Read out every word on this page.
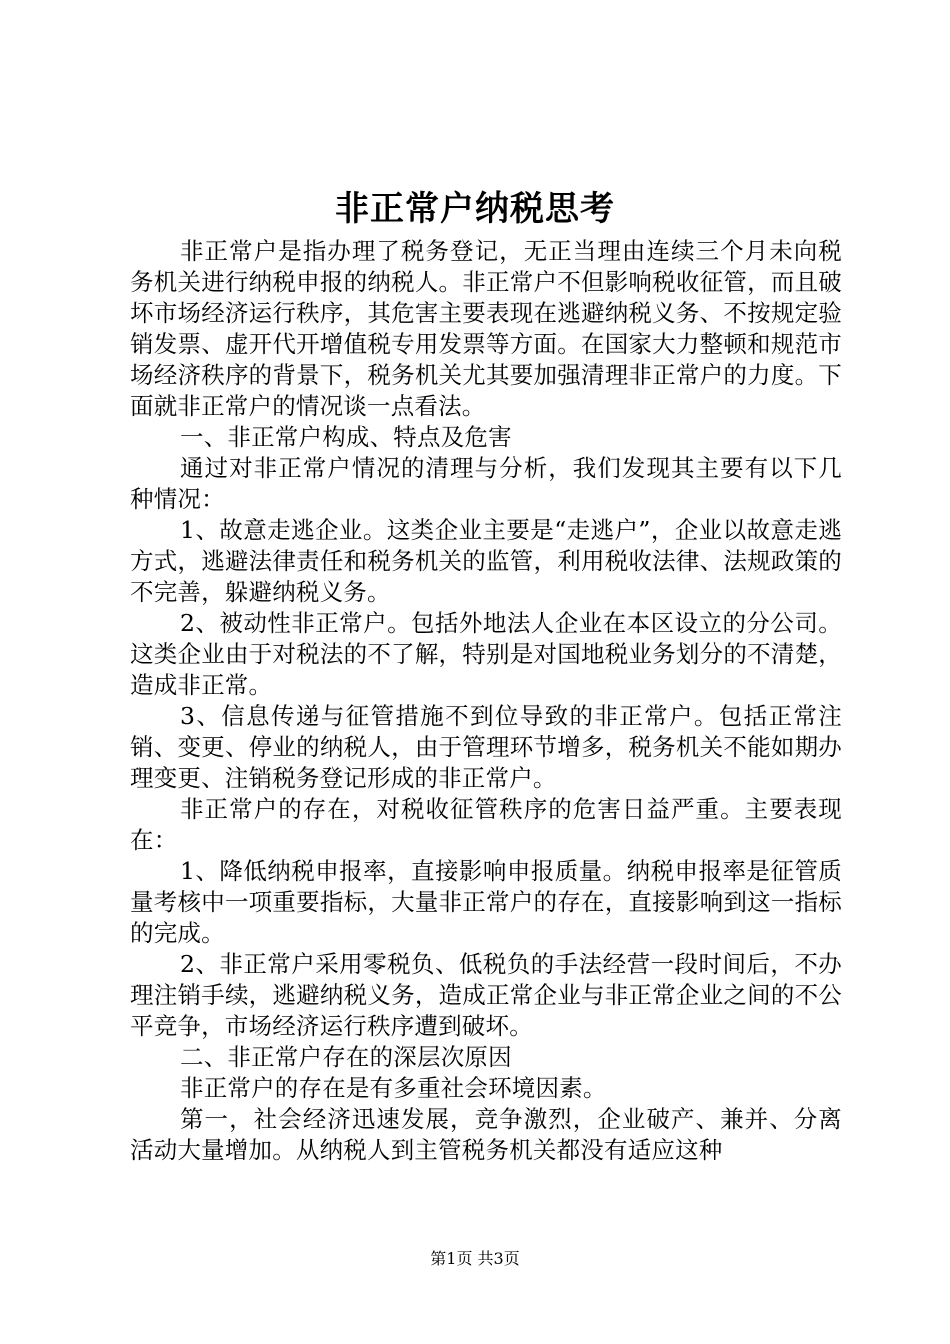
非正常户纳税思考

非正常户是指办理了税务登记，无正当理由连续三个月未向税务机关进行纳税申报的纳税人。非正常户不但影响税收征管，而且破坏市场经济运行秩序，其危害主要表现在逃避纳税义务、不按规定验销发票、虚开代开增值税专用发票等方面。在国家大力整顿和规范市场经济秩序的背景下，税务机关尤其要加强清理非正常户的力度。下面就非正常户的情况谈一点看法。

一、非正常户构成、特点及危害

通过对非正常户情况的清理与分析，我们发现其主要有以下几种情况：

1、故意走逃企业。这类企业主要是“走逃户”，企业以故意走逃方式，逃避法律责任和税务机关的监管，利用税收法律、法规政策的不完善，躲避纳税义务。

2、被动性非正常户。包括外地法人企业在本区设立的分公司。这类企业由于对税法的不了解，特别是对国地税业务划分的不清楚，造成非正常。

3、信息传递与征管措施不到位导致的非正常户。包括正常注销、变更、停业的纳税人，由于管理环节增多，税务机关不能如期办理变更、注销税务登记形成的非正常户。

非正常户的存在，对税收征管秩序的危害日益严重。主要表现在：

1、降低纳税申报率，直接影响申报质量。纳税申报率是征管质量考核中一项重要指标，大量非正常户的存在，直接影响到这一指标的完成。

2、非正常户采用零税负、低税负的手法经营一段时间后，不办理注销手续，逃避纳税义务，造成正常企业与非正常企业之间的不公平竞争，市场经济运行秩序遭到破坏。

二、非正常户存在的深层次原因

非正常户的存在是有多重社会环境因素。

第一，社会经济迅速发展，竞争激烈，企业破产、兼并、分离活动大量增加。从纳税人到主管税务机关都没有适应这种

第1页 共3页
